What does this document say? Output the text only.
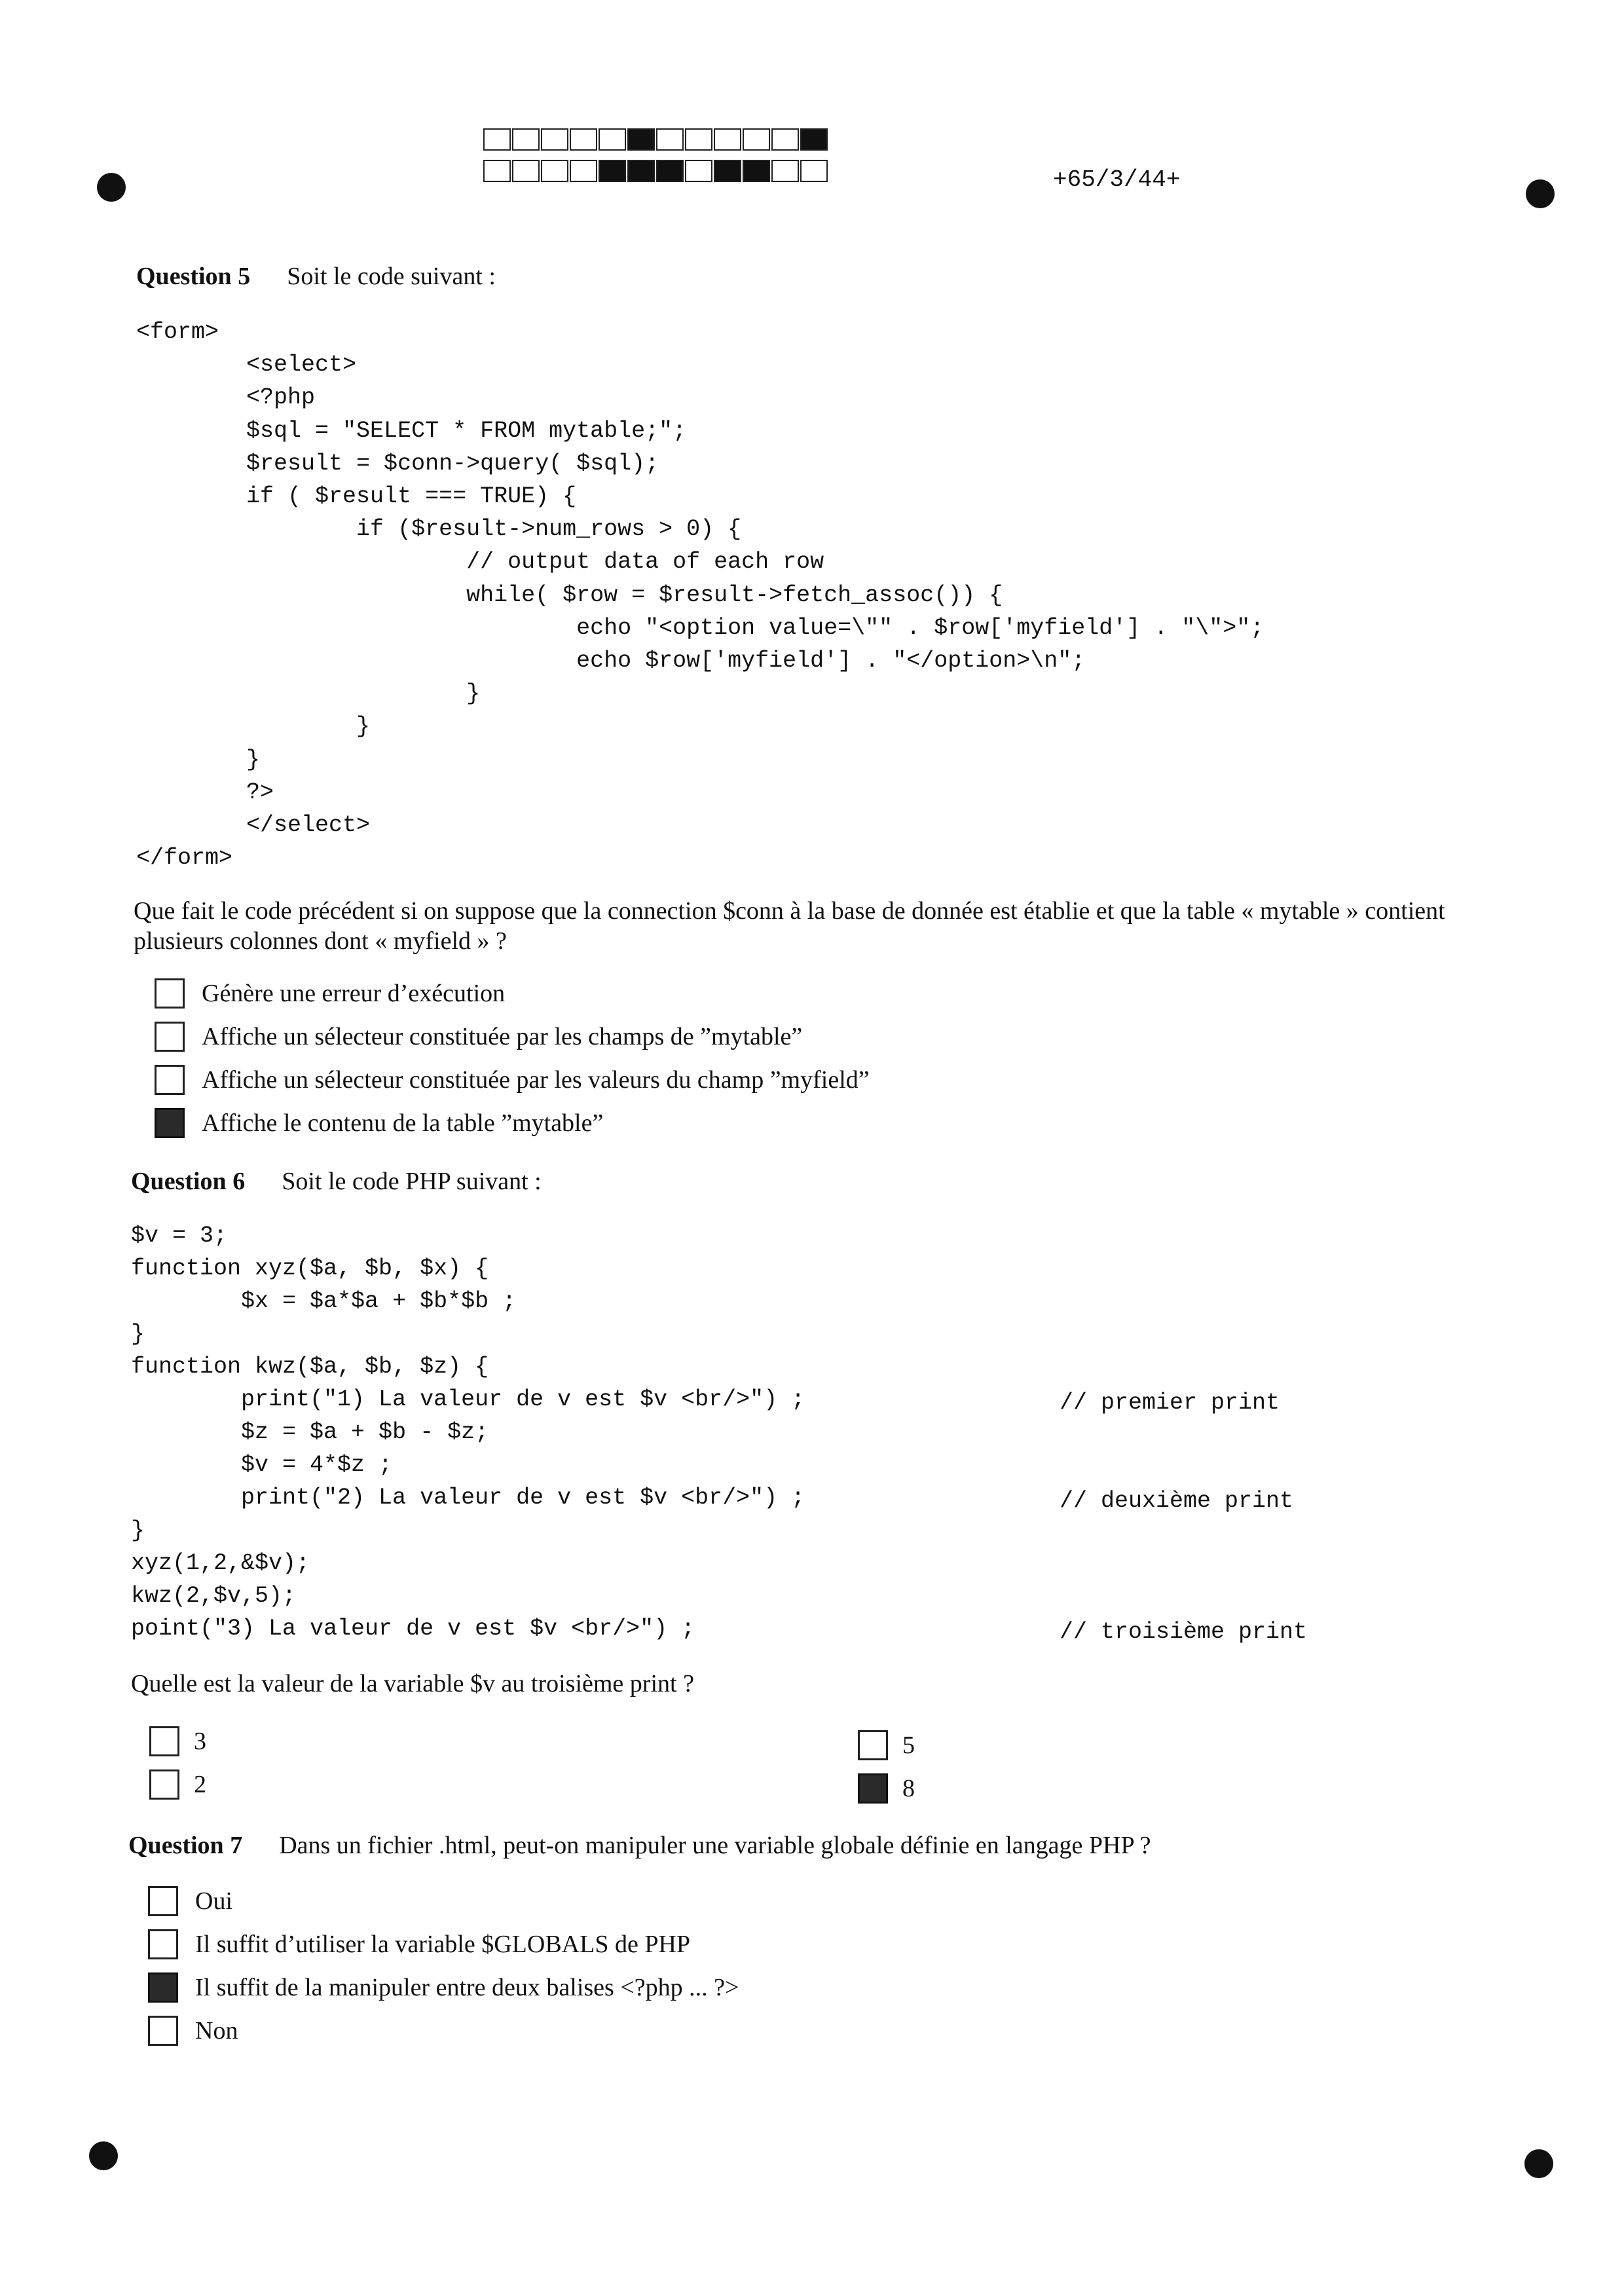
+65/3/44+
Question 5 Soit le code suivant :
<form>
<select>
<?php
$sql = "SELECT * FROM mytable;";
$result = $conn->query( $sql);
if ( $result === TRUE) {
if ($result->num_rows > 0) {
// output data of each row
while( $row = $result->fetch_assoc()) {
echo "<option value=\"" . $row['myfield'] . "\">";
echo $row['myfield'] . "</option>\n";
}
}
}
?>
</select>
</form>
Que fait le code précédent si on suppose que la connection $conn à la base de donnée est établie et que la table « mytable » contient plusieurs colonnes dont « myfield » ?
Génère une erreur d’exécution
Affiche un sélecteur constituée par les champs de ”mytable”
Affiche un sélecteur constituée par les valeurs du champ ”myfield”
Affiche le contenu de la table ”mytable”
Question 6 Soit le code PHP suivant :
$v = 3;
function xyz($a, $b, $x) {
$x = $a*$a + $b*$b ;
}
function kwz($a, $b, $z) {
print("1) La valeur de v est $v <br/>") ;
$z = $a + $b - $z;
$v = 4*$z ;
print("2) La valeur de v est $v <br/>") ;
}
xyz(1,2,&$v);
kwz(2,$v,5);
point("3) La valeur de v est $v <br/>") ;
// premier print
// deuxième print
// troisième print
Quelle est la valeur de la variable $v au troisième print ?
3
2
5
8
Question 7 Dans un fichier .html, peut-on manipuler une variable globale définie en langage PHP ?
Oui
Il suffit d’utiliser la variable $GLOBALS de PHP
Il suffit de la manipuler entre deux balises <?php ... ?>
Non
